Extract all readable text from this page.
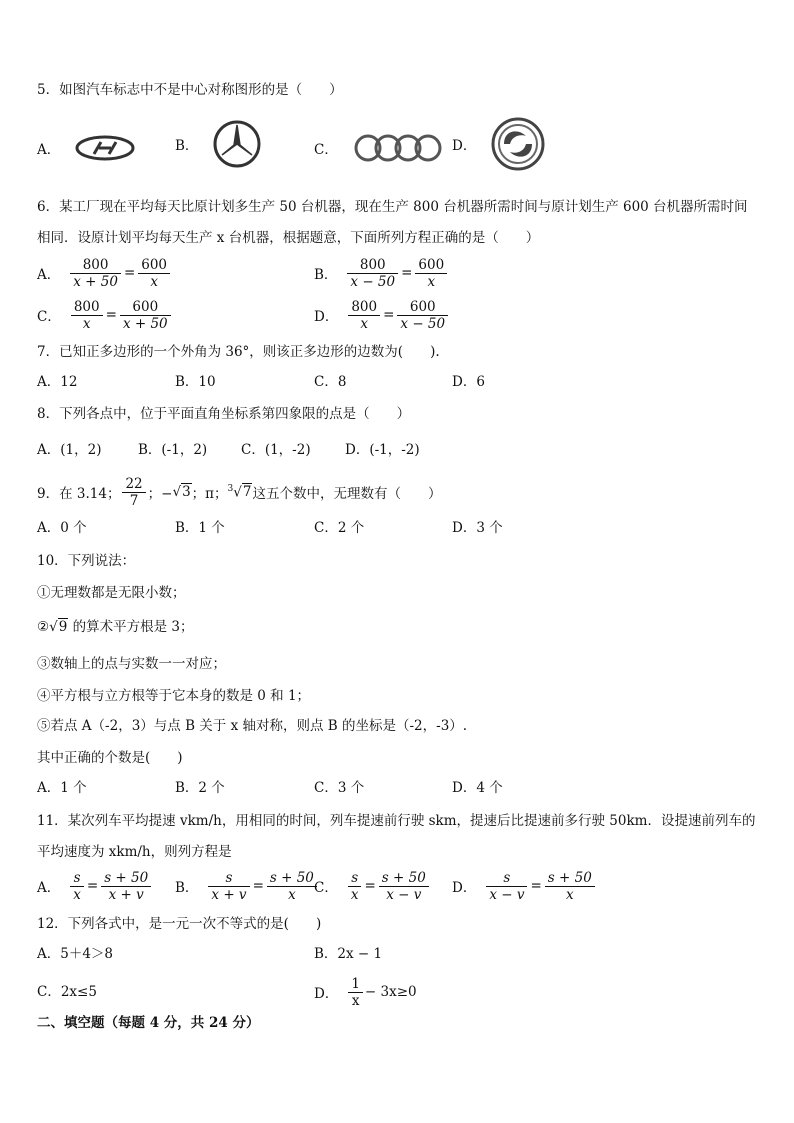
5．如图汽车标志中不是中心对称图形的是（　　）
A．	B．	C．	D．
6．某工厂现在平均每天比原计划多生产 50 台机器，现在生产 800 台机器所需时间与原计划生产 600 台机器所需时间
相同．设原计划平均每天生产 x 台机器，根据题意，下面所列方程正确的是（　　）
A． $\frac{800}{x + 50} = \frac{600}{x}$	B． $\frac{800}{x - 50} = \frac{600}{x}$
C． $\frac{800}{x} = \frac{600}{x + 50}$	D． $\frac{800}{x} = \frac{600}{x - 50}$
7．已知正多边形的一个外角为 36°，则该正多边形的边数为(　　).
A．12	B．10	C．8	D．6
8．下列各点中，位于平面直角坐标系第四象限的点是（　　）
A．(1，2)	B．(-1，2)	C．(1，-2)	D．(-1，-2)
9．在 3.14； $\frac{22}{7}$ ；− √3 ；π； $^3$√7 这五个数中，无理数有（　　）
A．0 个	B．1 个	C．2 个	D．3 个
10．下列说法：
①无理数都是无限小数；
②√9 的算术平方根是 3；
③数轴上的点与实数一一对应；
④平方根与立方根等于它本身的数是 0 和 1；
⑤若点 A（-2，3）与点 B 关于 x 轴对称，则点 B 的坐标是（-2，-3）.
其中正确的个数是(　　)
A．1 个	B．2 个	C．3 个	D．4 个
11．某次列车平均提速 vkm/h，用相同的时间，列车提速前行驶 skm，提速后比提速前多行驶 50km．设提速前列车的
平均速度为 xkm/h，则列方程是
A． $\frac{s}{x} = \frac{s + 50}{x + v}$ B． $\frac{s}{x + v} = \frac{s + 50}{x}$
C． $\frac{s}{x} = \frac{s + 50}{x - v}$ D． $\frac{s}{x - v} = \frac{s + 50}{x}$
12．下列各式中，是一元一次不等式的是(　　)
A．5＋4＞8	B．2x − 1
C．2x≤5	D． $\frac{1}{x} - 3x\ge 0$
二、填空题（每题 4 分，共 24 分）
